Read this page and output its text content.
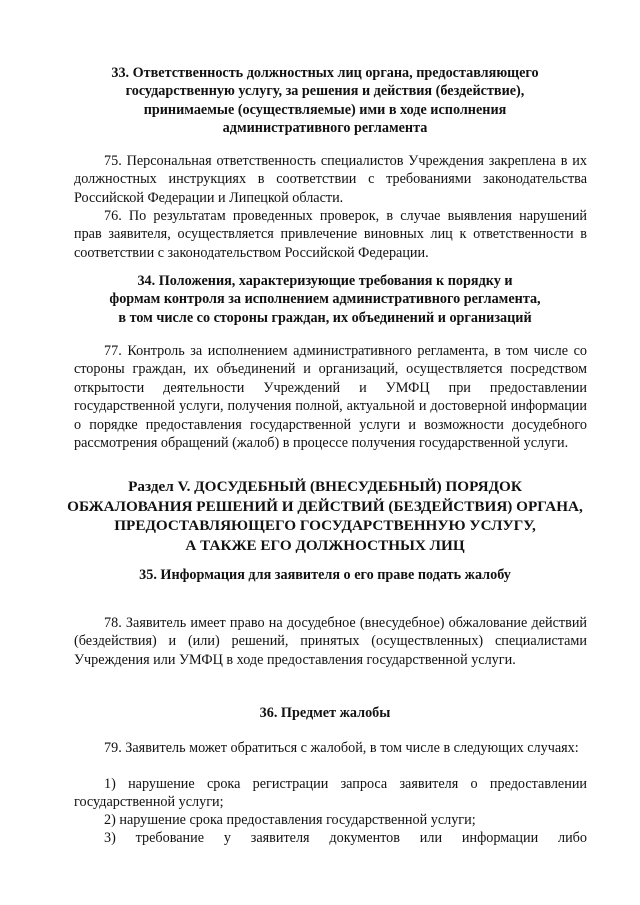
33. Ответственность должностных лиц органа, предоставляющего
государственную услугу, за решения и действия (бездействие),
принимаемые (осуществляемые) ими в ходе исполнения
административного регламента
75. Персональная ответственность специалистов Учреждения закреплена в их должностных инструкциях в соответствии с требованиями законодательства Российской Федерации и Липецкой области.
76. По результатам проведенных проверок, в случае выявления нарушений прав заявителя, осуществляется привлечение виновных лиц к ответственности в соответствии с законодательством Российской Федерации.
34. Положения, характеризующие требования к порядку и
формам контроля за исполнением административного регламента,
в том числе со стороны граждан, их объединений и организаций
77. Контроль за исполнением административного регламента, в том числе со стороны граждан, их объединений и организаций, осуществляется посредством открытости деятельности Учреждений и УМФЦ при предоставлении государственной услуги, получения полной, актуальной и достоверной информации о порядке предоставления государственной услуги и возможности досудебного рассмотрения обращений (жалоб) в процессе получения государственной услуги.
Раздел V. ДОСУДЕБНЫЙ (ВНЕСУДЕБНЫЙ) ПОРЯДОК
ОБЖАЛОВАНИЯ РЕШЕНИЙ И ДЕЙСТВИЙ (БЕЗДЕЙСТВИЯ) ОРГАНА,
ПРЕДОСТАВЛЯЮЩЕГО ГОСУДАРСТВЕННУЮ УСЛУГУ,
А ТАКЖЕ ЕГО ДОЛЖНОСТНЫХ ЛИЦ
35. Информация для заявителя о его праве подать жалобу
78. Заявитель имеет право на досудебное (внесудебное) обжалование действий (бездействия) и (или) решений, принятых (осуществленных) специалистами Учреждения или УМФЦ в ходе предоставления государственной услуги.
36. Предмет жалобы
79. Заявитель может обратиться с жалобой, в том числе в следующих случаях:
1) нарушение срока регистрации запроса заявителя о предоставлении государственной услуги;
2) нарушение срока предоставления государственной услуги;
3) требование у заявителя документов или информации либо
